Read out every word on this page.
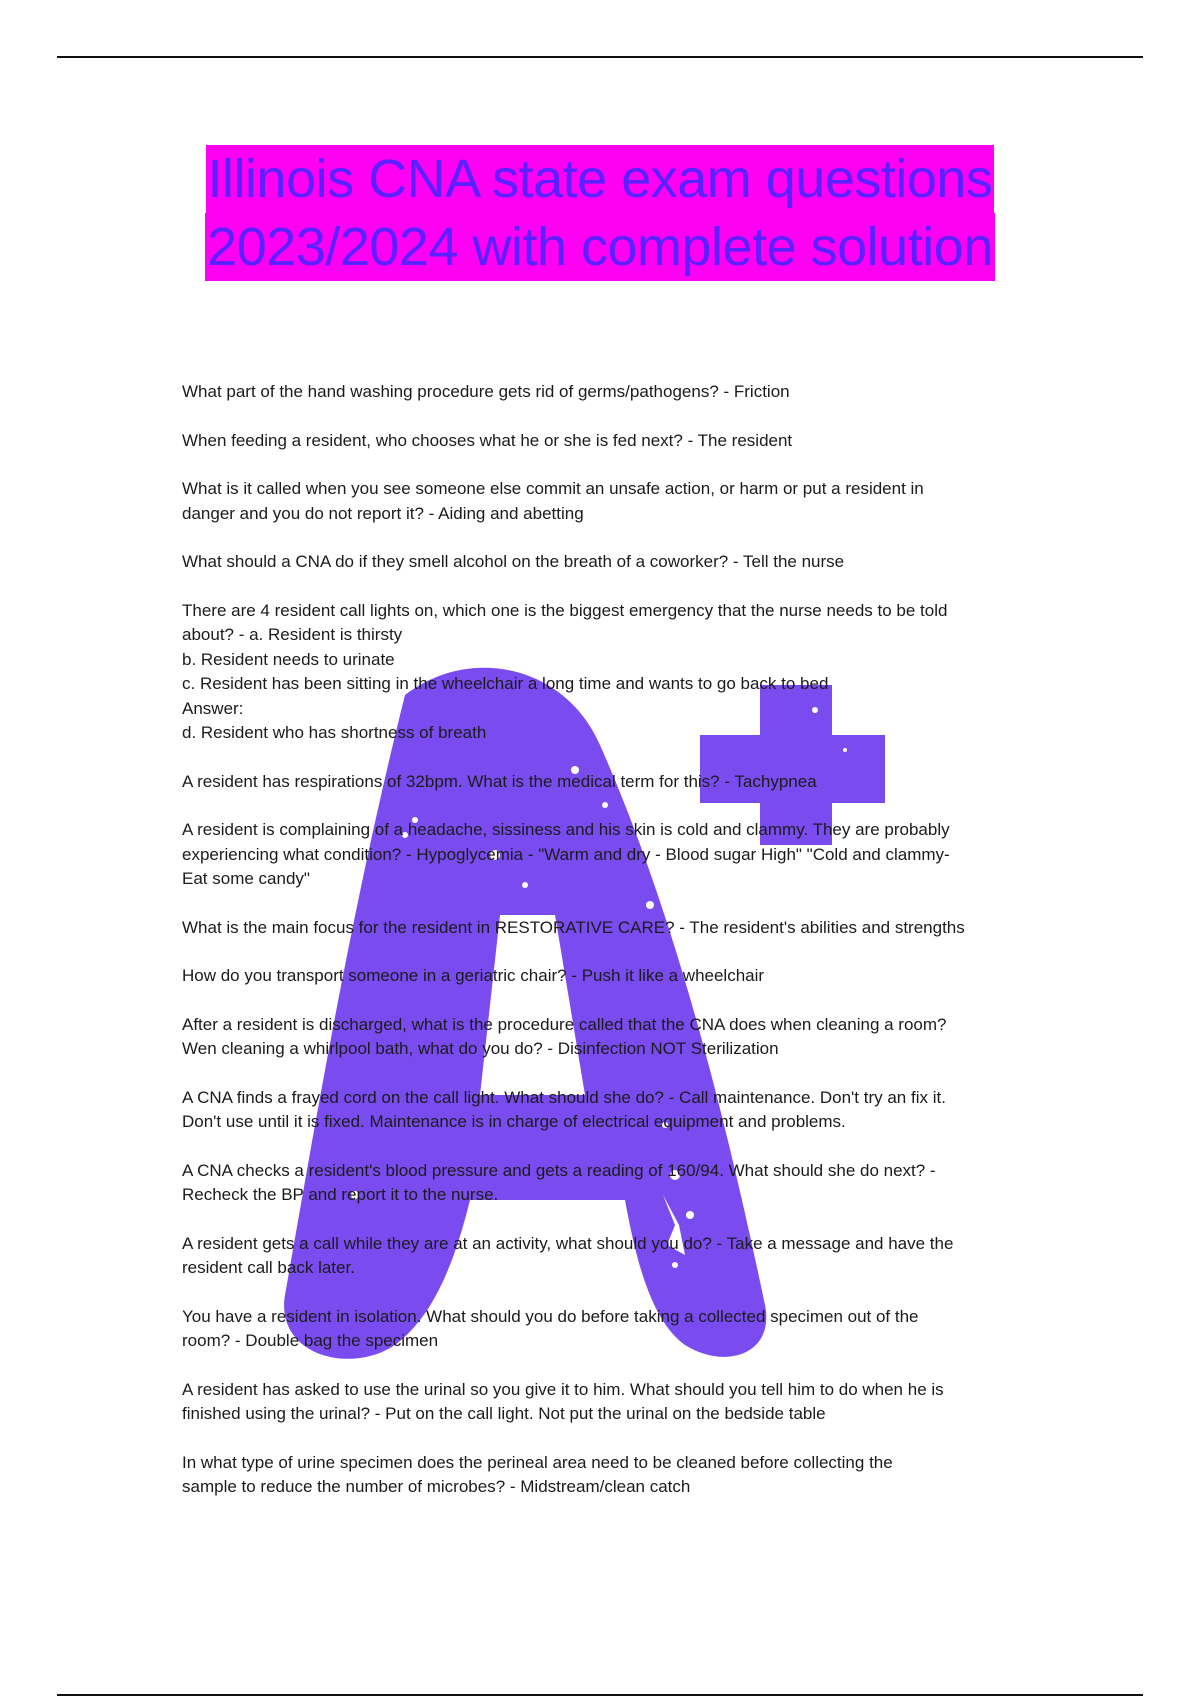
Illinois CNA state exam questions
2023/2024 with complete solution
What part of the hand washing procedure gets rid of germs/pathogens? - Friction
When feeding a resident, who chooses what he or she is fed next? - The resident
What is it called when you see someone else commit an unsafe action, or harm or put a resident in
danger and you do not report it? - Aiding and abetting
What should a CNA do if they smell alcohol on the breath of a coworker? - Tell the nurse
There are 4 resident call lights on, which one is the biggest emergency that the nurse needs to be told
about? - a. Resident is thirsty
b. Resident needs to urinate
c. Resident has been sitting in the wheelchair a long time and wants to go back to bed
Answer:
d. Resident who has shortness of breath
A resident has respirations of 32bpm. What is the medical term for this? - Tachypnea
A resident is complaining of a headache, sissiness and his skin is cold and clammy. They are probably
experiencing what condition? - Hypoglycemia - "Warm and dry - Blood sugar High" "Cold and clammy-
Eat some candy"
What is the main focus for the resident in RESTORATIVE CARE? - The resident's abilities and strengths
How do you transport someone in a geriatric chair? - Push it like a wheelchair
After a resident is discharged, what is the procedure called that the CNA does when cleaning a room?
Wen cleaning a whirlpool bath, what do you do? - Disinfection NOT Sterilization
A CNA finds a frayed cord on the call light. What should she do? - Call maintenance. Don't try an fix it.
Don't use until it is fixed. Maintenance is in charge of electrical equipment and problems.
A CNA checks a resident's blood pressure and gets a reading of 160/94. What should she do next? -
Recheck the BP and report it to the nurse.
A resident gets a call while they are at an activity, what should you do? - Take a message and have the
resident call back later.
You have a resident in isolation. What should you do before taking a collected specimen out of the
room? - Double bag the specimen
A resident has asked to use the urinal so you give it to him. What should you tell him to do when he is
finished using the urinal? - Put on the call light. Not put the urinal on the bedside table
In what type of urine specimen does the perineal area need to be cleaned before collecting the
sample to reduce the number of microbes? - Midstream/clean catch
